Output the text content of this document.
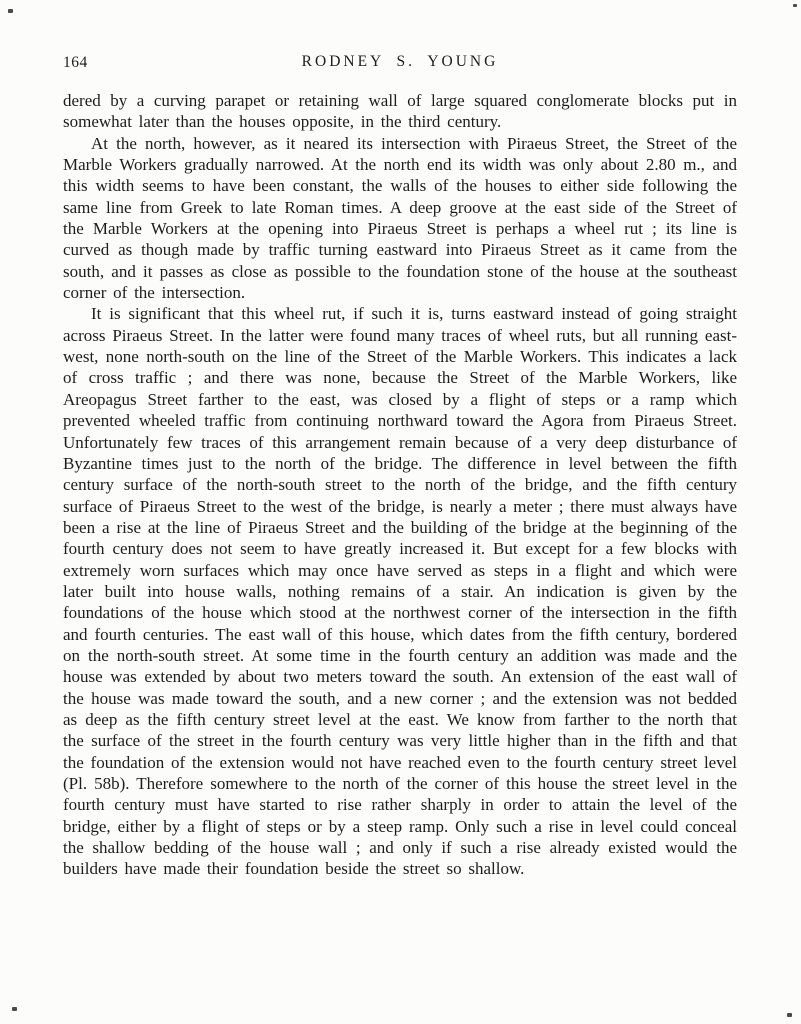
164	RODNEY S. YOUNG

dered by a curving parapet or retaining wall of large squared conglomerate blocks put in somewhat later than the houses opposite, in the third century.

At the north, however, as it neared its intersection with Piraeus Street, the Street of the Marble Workers gradually narrowed. At the north end its width was only about 2.80 m., and this width seems to have been constant, the walls of the houses to either side following the same line from Greek to late Roman times. A deep groove at the east side of the Street of the Marble Workers at the opening into Piraeus Street is perhaps a wheel rut ; its line is curved as though made by traffic turning eastward into Piraeus Street as it came from the south, and it passes as close as possible to the foundation stone of the house at the southeast corner of the intersection.

It is significant that this wheel rut, if such it is, turns eastward instead of going straight across Piraeus Street. In the latter were found many traces of wheel ruts, but all running east-west, none north-south on the line of the Street of the Marble Workers. This indicates a lack of cross traffic ; and there was none, because the Street of the Marble Workers, like Areopagus Street farther to the east, was closed by a flight of steps or a ramp which prevented wheeled traffic from continuing northward toward the Agora from Piraeus Street. Unfortunately few traces of this arrangement remain because of a very deep disturbance of Byzantine times just to the north of the bridge. The difference in level between the fifth century surface of the north-south street to the north of the bridge, and the fifth century surface of Piraeus Street to the west of the bridge, is nearly a meter ; there must always have been a rise at the line of Piraeus Street and the building of the bridge at the beginning of the fourth century does not seem to have greatly increased it. But except for a few blocks with extremely worn surfaces which may once have served as steps in a flight and which were later built into house walls, nothing remains of a stair. An indication is given by the foundations of the house which stood at the northwest corner of the intersection in the fifth and fourth centuries. The east wall of this house, which dates from the fifth century, bordered on the north-south street. At some time in the fourth century an addition was made and the house was extended by about two meters toward the south. An extension of the east wall of the house was made toward the south, and a new corner ; and the extension was not bedded as deep as the fifth century street level at the east. We know from farther to the north that the surface of the street in the fourth century was very little higher than in the fifth and that the foundation of the extension would not have reached even to the fourth century street level (Pl. 58b). Therefore somewhere to the north of the corner of this house the street level in the fourth century must have started to rise rather sharply in order to attain the level of the bridge, either by a flight of steps or by a steep ramp. Only such a rise in level could conceal the shallow bedding of the house wall ; and only if such a rise already existed would the builders have made their foundation beside the street so shallow.
